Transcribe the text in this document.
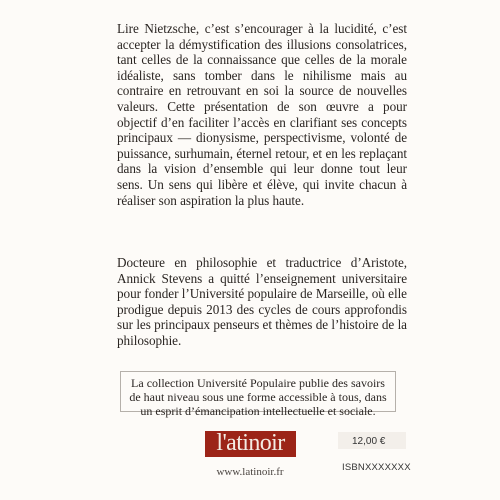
Lire Nietzsche, c’est s’encourager à la lucidité, c’est accepter la démystification des illusions consolatrices, tant celles de la connaissance que celles de la morale idéaliste, sans tomber dans le nihilisme mais au contraire en retrouvant en soi la source de nouvelles valeurs. Cette présentation de son œuvre a pour objectif d’en faciliter l’accès en clarifiant ses concepts principaux — dionysisme, perspectivisme, volonté de puissance, surhumain, éternel retour, et en les replaçant dans la vision d’ensemble qui leur donne tout leur sens. Un sens qui libère et élève, qui invite chacun à réaliser son aspiration la plus haute.

Docteure en philosophie et traductrice d’Aristote, Annick Stevens a quitté l’enseignement universitaire pour fonder l’Université populaire de Marseille, où elle prodigue depuis 2013 des cycles de cours approfondis sur les principaux penseurs et thèmes de l’histoire de la philosophie.

La collection Université Populaire publie des savoirs de haut niveau sous une forme accessible à tous, dans un esprit d’émancipation intellectuelle et sociale.
l'atinoir	12,00 €
ISBNXXXXXXX
www.latinoir.fr
